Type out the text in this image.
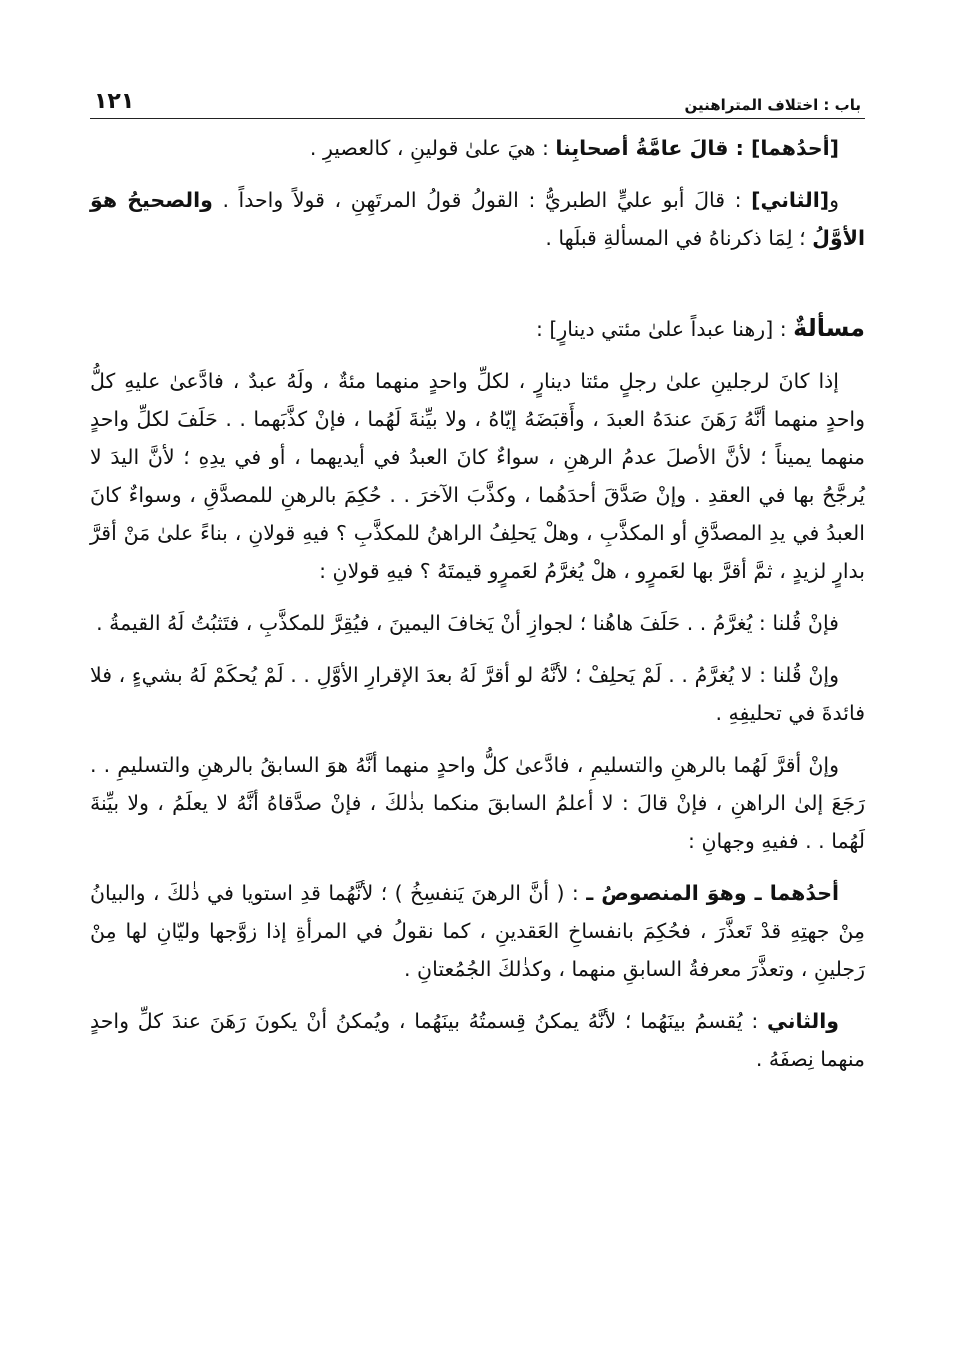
باب : اختلاف المتراهنين
١٢١

[أحدُهما] : قالَ عامَّةُ أصحابِنا : هيَ علىٰ قولينِ ، كالعصيرِ .

و[الثاني] : قالَ أبو عليٍّ الطبريُّ : القولُ قولُ المرتَهِنِ ، قولاً واحداً . والصحيحُ هوَ الأوَّلُ ؛ لِمَا ذكرناهُ في المسألةِ قبلَها .

مسألةٌ : [رهنا عبداً علىٰ مئتي دينارٍ] :

إذا كانَ لرجلينِ علىٰ رجلٍ مئتا دينارٍ ، لكلِّ واحدٍ منهما مئةٌ ، ولَهُ عبدٌ ، فادَّعىٰ عليهِ كلُّ واحدٍ منهما أنَّهُ رَهَنَ عندَهُ العبدَ ، وأَقبَضَهُ إيّاهُ ، ولا بيِّنةَ لَهُما ، فإنْ كذَّبَهما . . حَلَفَ لكلِّ واحدٍ منهما يميناً ؛ لأنَّ الأصلَ عدمُ الرهنِ ، سواءٌ كانَ العبدُ في أيديهما ، أو في يدِهِ ؛ لأنَّ اليدَ لا يُرجَّحُ بها في العقدِ . وإنْ صَدَّقَ أحدَهُما ، وكذَّبَ الآخرَ . . حُكِمَ بالرهنِ للمصدَّقِ ، وسواءٌ كانَ العبدُ في يدِ المصدَّقِ أو المكذَّبِ ، وهلْ يَحلِفُ الراهنُ للمكذَّبِ ؟ فيهِ قولانِ ، بناءً علىٰ مَنْ أقرَّ بدارٍ لزيدٍ ، ثمَّ أقرَّ بها لعَمرٍو ، هلْ يُغرَّمُ لعَمرٍو قيمتَهُ ؟ فيهِ قولانِ :

فإنْ قُلنا : يُغرَّمُ . . حَلَفَ هاهُنا ؛ لجوازِ أنْ يَخافَ اليمينَ ، فيُقِرَّ للمكذَّبِ ، فتَثبُتُ لَهُ القيمةُ .

وإنْ قُلنا : لا يُغرَّمُ . . لَمْ يَحلِفْ ؛ لأنَّهُ لو أقرَّ لَهُ بعدَ الإقرارِ الأوَّلِ . . لَمْ يُحكَمْ لَهُ بشيءٍ ، فلا فائدةَ في تحليفِهِ .

وإنْ أقرَّ لَهُما بالرهنِ والتسليمِ ، فادَّعىٰ كلُّ واحدٍ منهما أنَّهُ هوَ السابقُ بالرهنِ والتسليمِ . . رَجَعَ إلىٰ الراهنِ ، فإنْ قالَ : لا أعلمُ السابقَ منكما بذٰلكَ ، فإنْ صدَّقاهُ أنَّهُ لا يعلَمُ ، ولا بيِّنةَ لَهُما . . ففيهِ وجهانِ :

أحدُهما ـ وهوَ المنصوصُ ـ : ( أنَّ الرهنَ يَنفسِخُ ) ؛ لأنَّهُما قدِ استويا في ذٰلكَ ، والبيانُ مِنْ جهتِهِ قدْ تَعذَّرَ ، فحُكِمَ بانفساخِ العَقدينِ ، كما نقولُ في المرأةِ إذا زوَّجها وليّانِ لها مِنْ رَجلينِ ، وتعذَّرَ معرفةُ السابقِ منهما ، وكذٰلكَ الجُمُعتانِ .

والثاني : يُقسمُ بينَهُما ؛ لأنَّهُ يمكنُ قِسمتُهُ بينَهُما ، ويُمكنُ أنْ يكونَ رَهَنَ عندَ كلِّ واحدٍ منهما نِصفَهُ .
